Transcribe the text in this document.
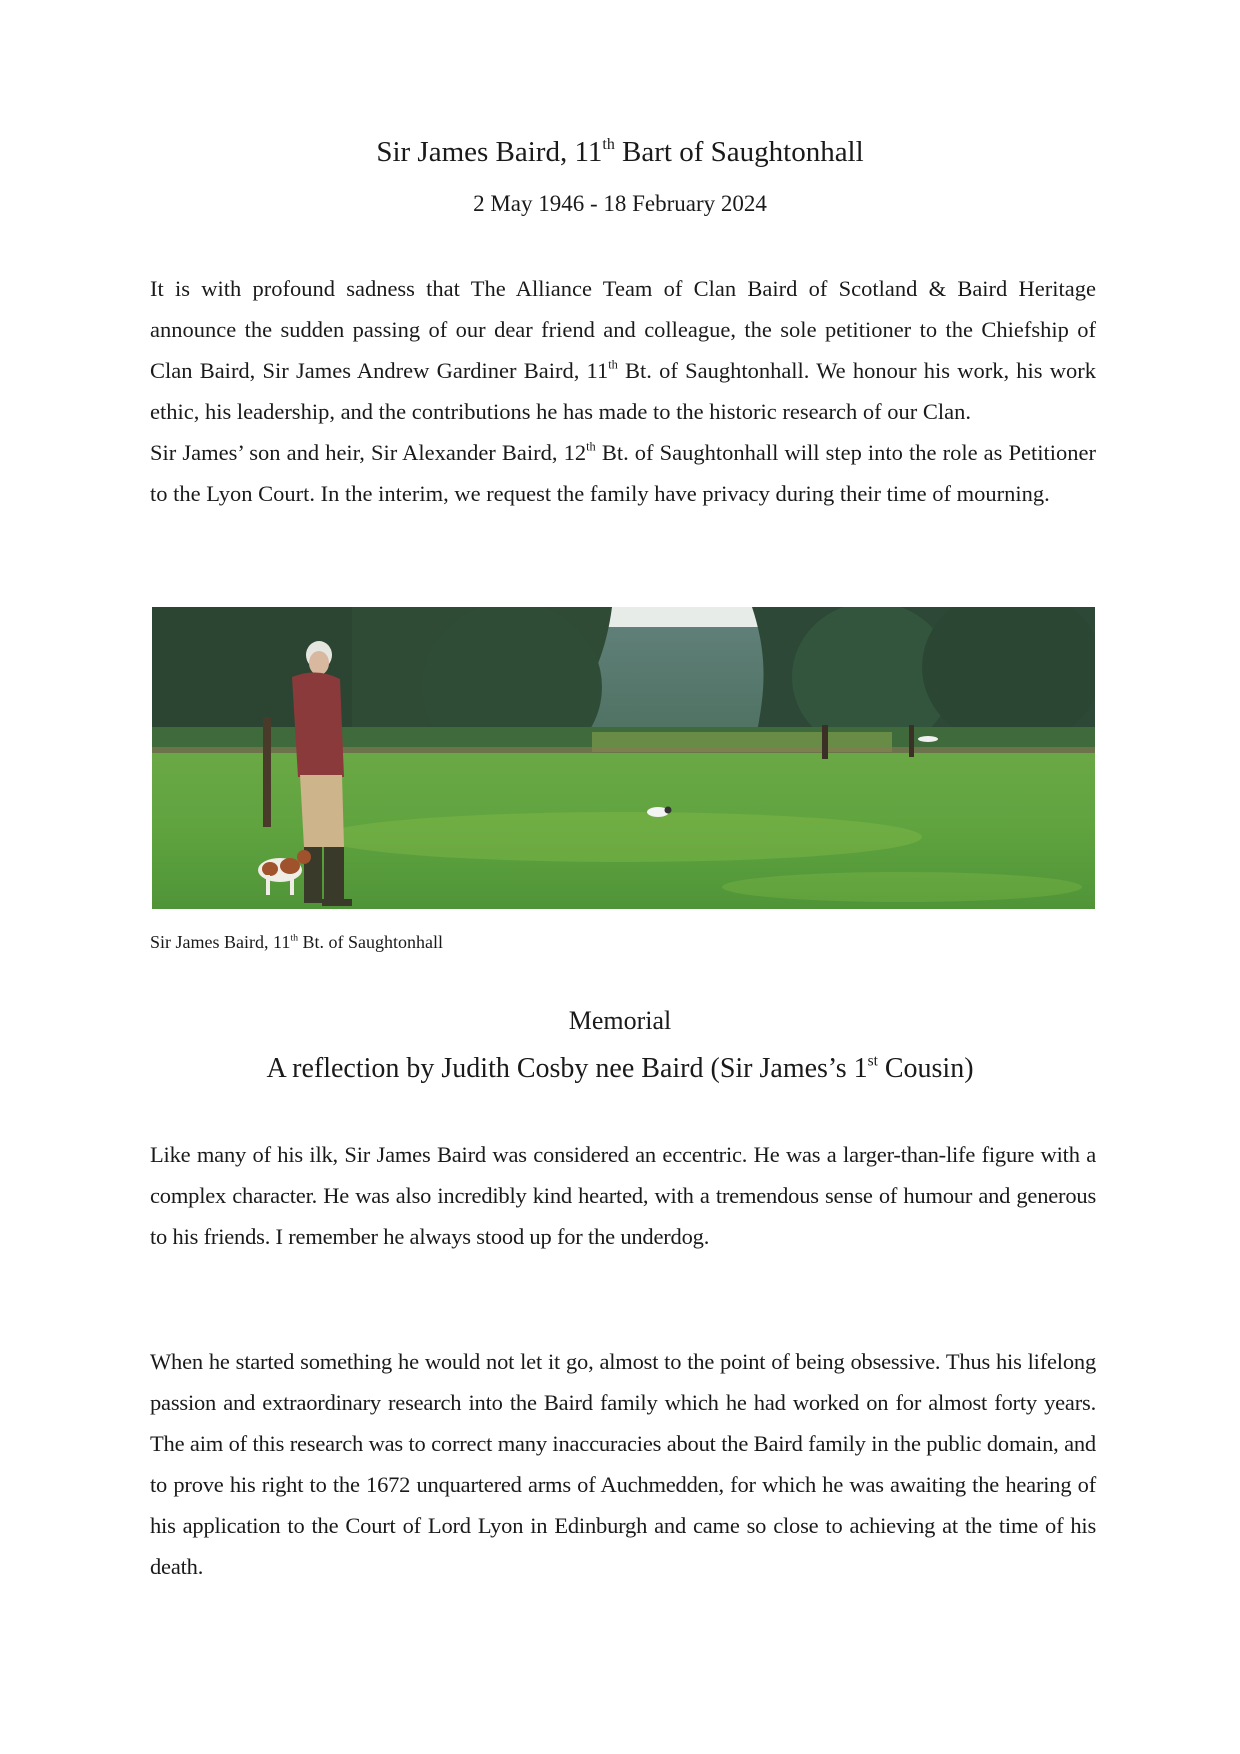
Sir James Baird, 11th Bart of Saughtonhall
2 May 1946 - 18 February 2024

It is with profound sadness that The Alliance Team of Clan Baird of Scotland & Baird Heritage announce the sudden passing of our dear friend and colleague, the sole petitioner to the Chiefship of Clan Baird, Sir James Andrew Gardiner Baird, 11th Bt. of Saughtonhall. We honour his work, his work ethic, his leadership, and the contributions he has made to the historic research of our Clan.

Sir James’ son and heir, Sir Alexander Baird, 12th Bt. of Saughtonhall will step into the role as Petitioner to the Lyon Court. In the interim, we request the family have privacy during their time of mourning.

Sir James Baird, 11th Bt. of Saughtonhall
Memorial
A reflection by Judith Cosby nee Baird (Sir James’s 1st Cousin)

Like many of his ilk, Sir James Baird was considered an eccentric. He was a larger-than-life figure with a complex character. He was also incredibly kind hearted, with a tremendous sense of humour and generous to his friends. I remember he always stood up for the underdog.

When he started something he would not let it go, almost to the point of being obsessive. Thus his lifelong passion and extraordinary research into the Baird family which he had worked on for almost forty years. The aim of this research was to correct many inaccuracies about the Baird family in the public domain, and to prove his right to the 1672 unquartered arms of Auchmedden, for which he was awaiting the hearing of his application to the Court of Lord Lyon in Edinburgh and came so close to achieving at the time of his death.
